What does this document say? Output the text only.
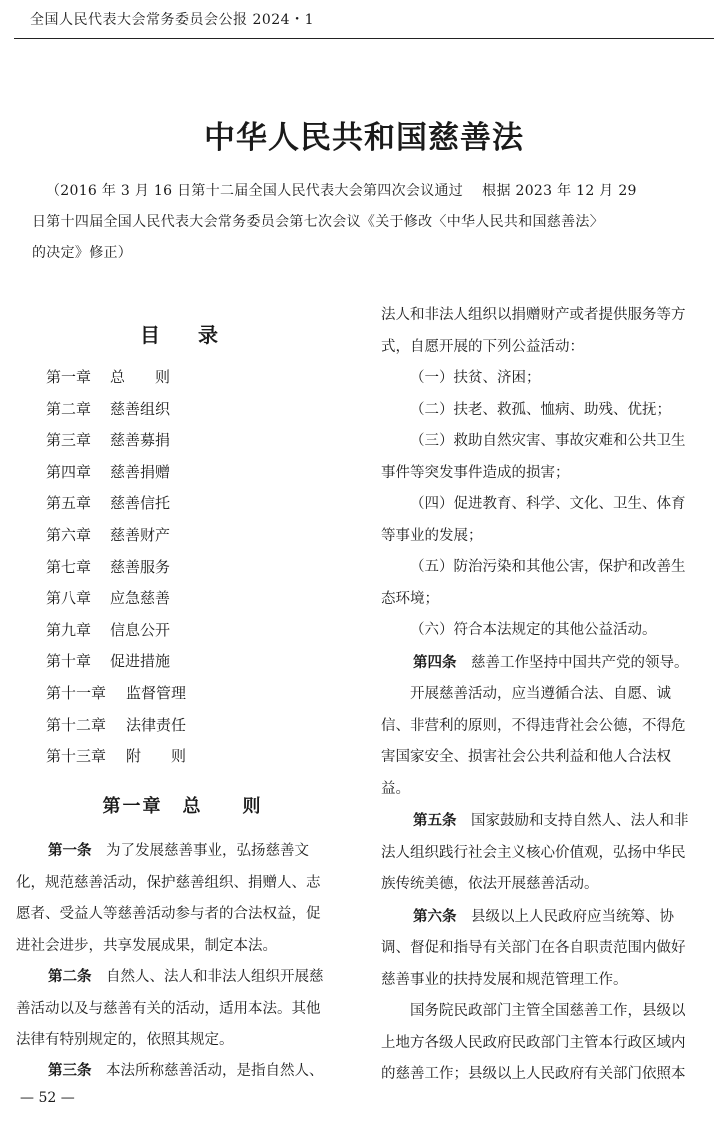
全国人民代表大会常务委员会公报 2024・1
中华人民共和国慈善法
（2016 年 3 月 16 日第十二届全国人民代表大会第四次会议通过　 根据 2023 年 12 月 29
日第十四届全国人民代表大会常务委员会第七次会议《关于修改〈中华人民共和国慈善法〉
的决定》修正）
目 录
第一章 总　　则
第二章 慈善组织
第三章 慈善募捐
第四章 慈善捐赠
第五章 慈善信托
第六章 慈善财产
第七章 慈善服务
第八章 应急慈善
第九章 信息公开
第十章 促进措施
第十一章 监督管理
第十二章 法律责任
第十三章 附　　则
第一章　总　　则
第一条　 为了发展慈善事业，弘扬慈善文
化，规范慈善活动，保护慈善组织、捐赠人、志
愿者、受益人等慈善活动参与者的合法权益，促
进社会进步，共享发展成果，制定本法。
第二条　 自然人、法人和非法人组织开展慈
善活动以及与慈善有关的活动，适用本法。其他
法律有特别规定的，依照其规定。
第三条　 本法所称慈善活动，是指自然人、
法人和非法人组织以捐赠财产或者提供服务等方
式，自愿开展的下列公益活动：
（一）扶贫、济困；
（二）扶老、救孤、恤病、助残、优抚；
（三）救助自然灾害、事故灾难和公共卫生
事件等突发事件造成的损害；
（四）促进教育、科学、文化、卫生、体育
等事业的发展；
（五）防治污染和其他公害，保护和改善生
态环境；
（六）符合本法规定的其他公益活动。
第四条　 慈善工作坚持中国共产党的领导。
开展慈善活动，应当遵循合法、自愿、诚
信、非营利的原则，不得违背社会公德，不得危
害国家安全、损害社会公共利益和他人合法权
益。
第五条　 国家鼓励和支持自然人、法人和非
法人组织践行社会主义核心价值观，弘扬中华民
族传统美德，依法开展慈善活动。
第六条　 县级以上人民政府应当统筹、协
调、督促和指导有关部门在各自职责范围内做好
慈善事业的扶持发展和规范管理工作。
国务院民政部门主管全国慈善工作，县级以
上地方各级人民政府民政部门主管本行政区域内
的慈善工作；县级以上人民政府有关部门依照本
— 52 —
